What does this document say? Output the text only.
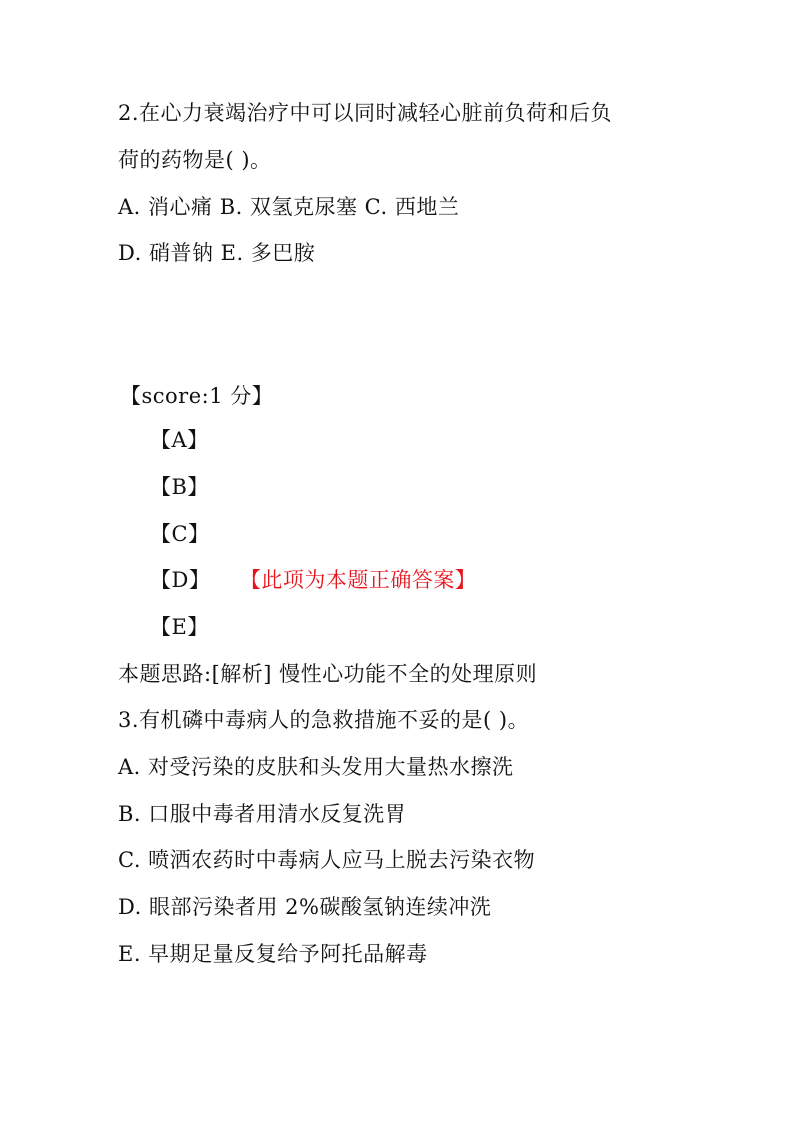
2.在心力衰竭治疗中可以同时减轻心脏前负荷和后负
荷的药物是( )。
A. 消心痛 B. 双氢克尿塞 C. 西地兰
D. 硝普钠 E. 多巴胺
【score:1 分】
【A】
【B】
【C】
【D】 【此项为本题正确答案】
【E】
本题思路:[解析] 慢性心功能不全的处理原则
3.有机磷中毒病人的急救措施不妥的是( )。
A. 对受污染的皮肤和头发用大量热水擦洗
B. 口服中毒者用清水反复洗胃
C. 喷洒农药时中毒病人应马上脱去污染衣物
D. 眼部污染者用 2%碳酸氢钠连续冲洗
E. 早期足量反复给予阿托品解毒
